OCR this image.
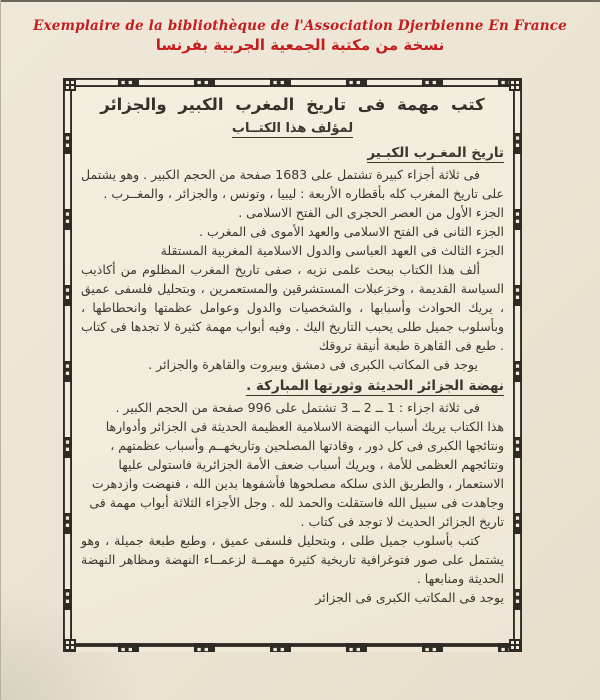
Exemplaire de la bibliothèque de l'Association Djerbienne En France
نسخة من مكتبة الجمعية الجربية بفرنسا
كتب مهمة فى تاريخ المغرب الكبير والجزائر
لمؤلف هذا الكتــاب
تاريخ المغـرب الكبـير

فى ثلاثة أجزاء كبيرة تشتمل على 1683 صفحة من الحجم الكبير . وهو يشتمل على تاريخ المغرب كله بأقطاره الأربعة : ليبيا ، وتونس ، والجزائر ، والمغــرب .

الجزء الأول من العصر الحجرى الى الفتح الاسلامى .

الجزء الثانى فى الفتح الاسلامى والعهد الأموى فى المغرب .

الجزء الثالث فى العهد العباسى والدول الاسلامية المغربية المستقلة

ألف هذا الكتاب ببحث علمى نزيه ، صفى تاريخ المغرب المظلوم من أكاذيب السياسة القديمة ، وخزعبلات المستشرقين والمستعمرين ، وبتحليل فلسفى عميق ، يريك الحوادث وأسبابها ، والشخصيات والدول وعوامل عظمتها وانحطاطها ، وبأسلوب جميل طلى يحبب التاريخ اليك . وفيه أبواب مهمة كثيرة لا تجدها فى كتاب . طبع فى القاهرة طبعة أنيقة تروقك

يوجد فى المكاتب الكبرى فى دمشق وبيروت والقاهرة والجزائر .

نهضة الجزائر الحديثة وثورتها المباركة .

فى ثلاثة اجزاء : 1 ــ 2 ــ 3 تشتمل على 996 صفحة من الحجم الكبير .

هذا الكتاب يريك أسباب النهضة الاسلامية العظيمة الحديثة فى الجزائر وأدوارها ونتائجها الكبرى فى كل دور ، وقادتها المصلحين وتاريخهــم وأسباب عظمتهم ، ونتائجهم العظمى للأمة ، ويريك أسباب ضعف الأمة الجزائرية فاستولى عليها الاستعمار ، والطريق الذى سلكه مصلحوها فأشفوها بدين الله ، فنهضت وازدهرت وجاهدت فى سبيل الله فاستقلت والحمد لله . وجل الأجزاء الثلاثة أبواب مهمة فى تاريخ الجزائر الحديث لا توجد فى كتاب .

كتب بأسلوب جميل طلى ، وبتحليل فلسفى عميق ، وطبع طبعة جميلة ، وهو يشتمل على صور فتوغرافية تاريخية كثيرة مهمــة لزعمــاء النهضة ومظاهر النهضة الحديثة ومنابعها .

يوجد فى المكاتب الكبرى فى الجزائر
